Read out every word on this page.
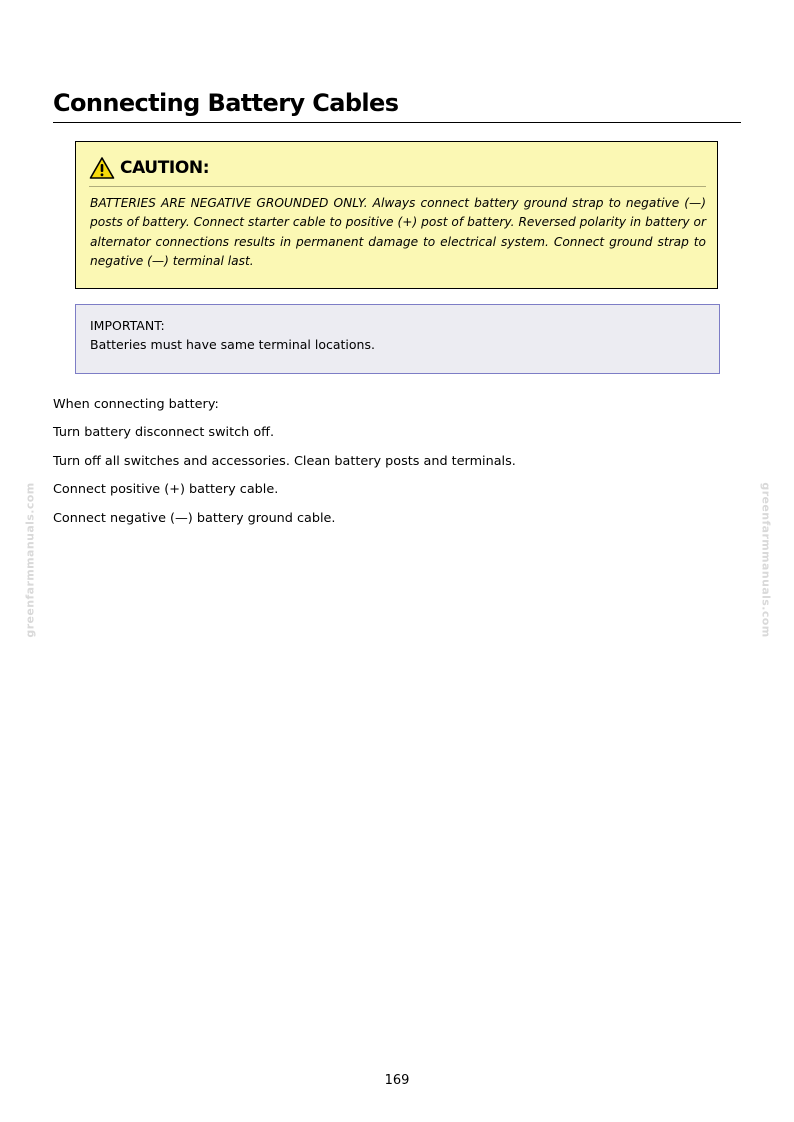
Connecting Battery Cables
CAUTION:

BATTERIES ARE NEGATIVE GROUNDED ONLY. Always connect battery ground strap to negative (—) posts of battery. Connect starter cable to positive (+) post of battery. Reversed polarity in battery or alternator connections results in permanent damage to electrical system. Connect ground strap to negative (—) terminal last.

IMPORTANT:
Batteries must have same terminal locations.

When connecting battery:

Turn battery disconnect switch off.

Turn off all switches and accessories. Clean battery posts and terminals.

Connect positive (+) battery cable.

Connect negative (—) battery ground cable.

greenfarmmanuals.com	greenfarmmanuals.com
169
